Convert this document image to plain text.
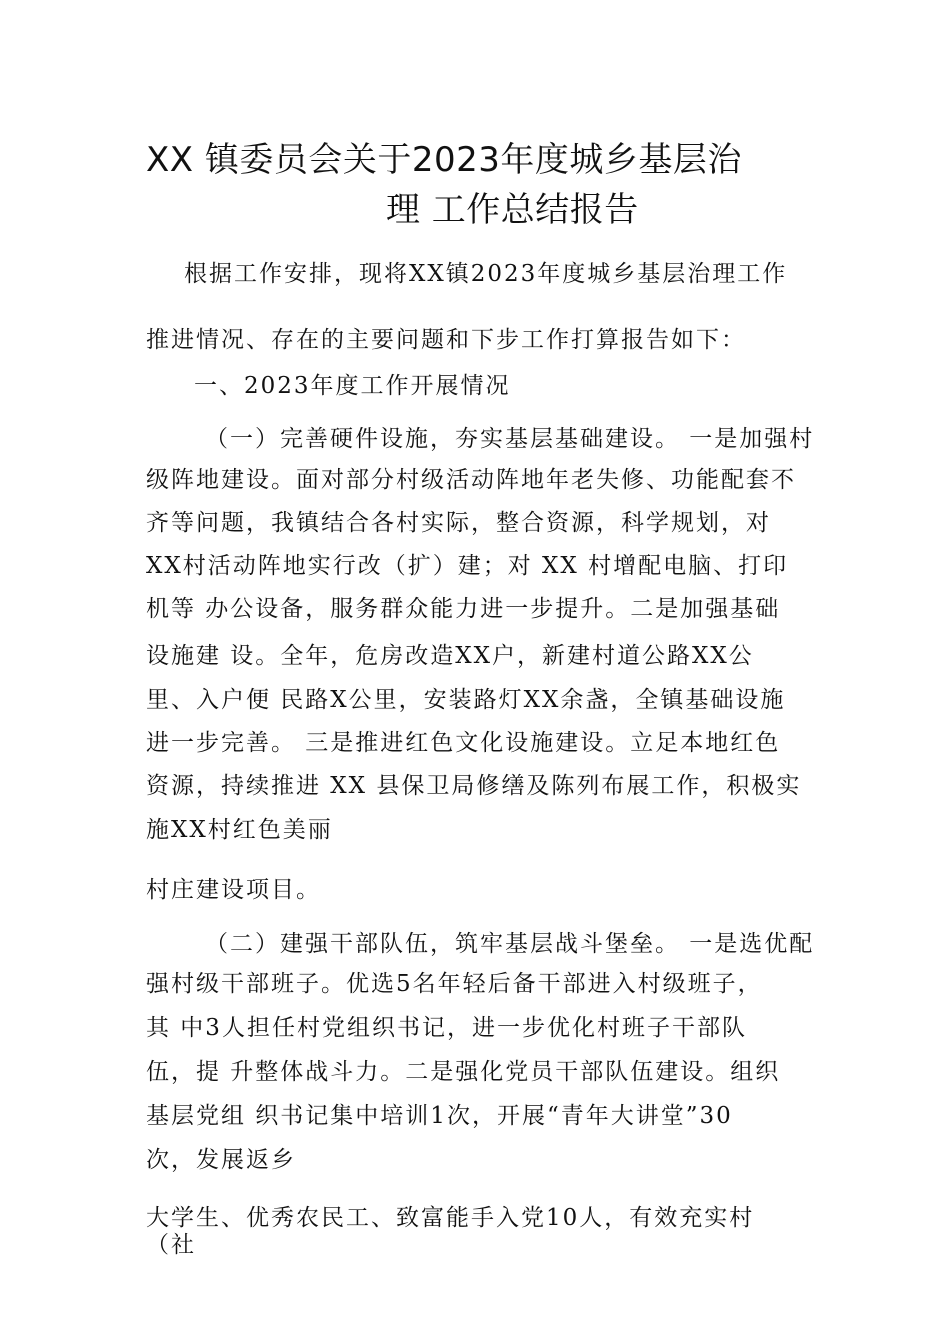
XX 镇委员会关于2023年度城乡基层治
理 工作总结报告
根据工作安排，现将XX镇2023年度城乡基层治理工作
推进情况、存在的主要问题和下步工作打算报告如下：
一、2023年度工作开展情况
（一）完善硬件设施，夯实基层基础建设。 一是加强村
级阵地建设。面对部分村级活动阵地年老失修、功能配套不
齐等问题，我镇结合各村实际，整合资源，科学规划，对
XX村活动阵地实行改（扩）建；对 XX 村增配电脑、打印
机等 办公设备，服务群众能力进一步提升。二是加强基础
设施建 设。全年，危房改造XX户，新建村道公路XX公
里、入户便 民路X公里，安装路灯XX余盏，全镇基础设施
进一步完善。 三是推进红色文化设施建设。立足本地红色
资源，持续推进 XX 县保卫局修缮及陈列布展工作，积极实
施XX村红色美丽
村庄建设项目。
（二）建强干部队伍，筑牢基层战斗堡垒。 一是选优配
强村级干部班子。优选5名年轻后备干部进入村级班子，
其 中3人担任村党组织书记，进一步优化村班子干部队
伍，提 升整体战斗力。二是强化党员干部队伍建设。组织
基层党组 织书记集中培训1次，开展“青年大讲堂”30
次，发展返乡
大学生、优秀农民工、致富能手入党10人，有效充实村
（社
